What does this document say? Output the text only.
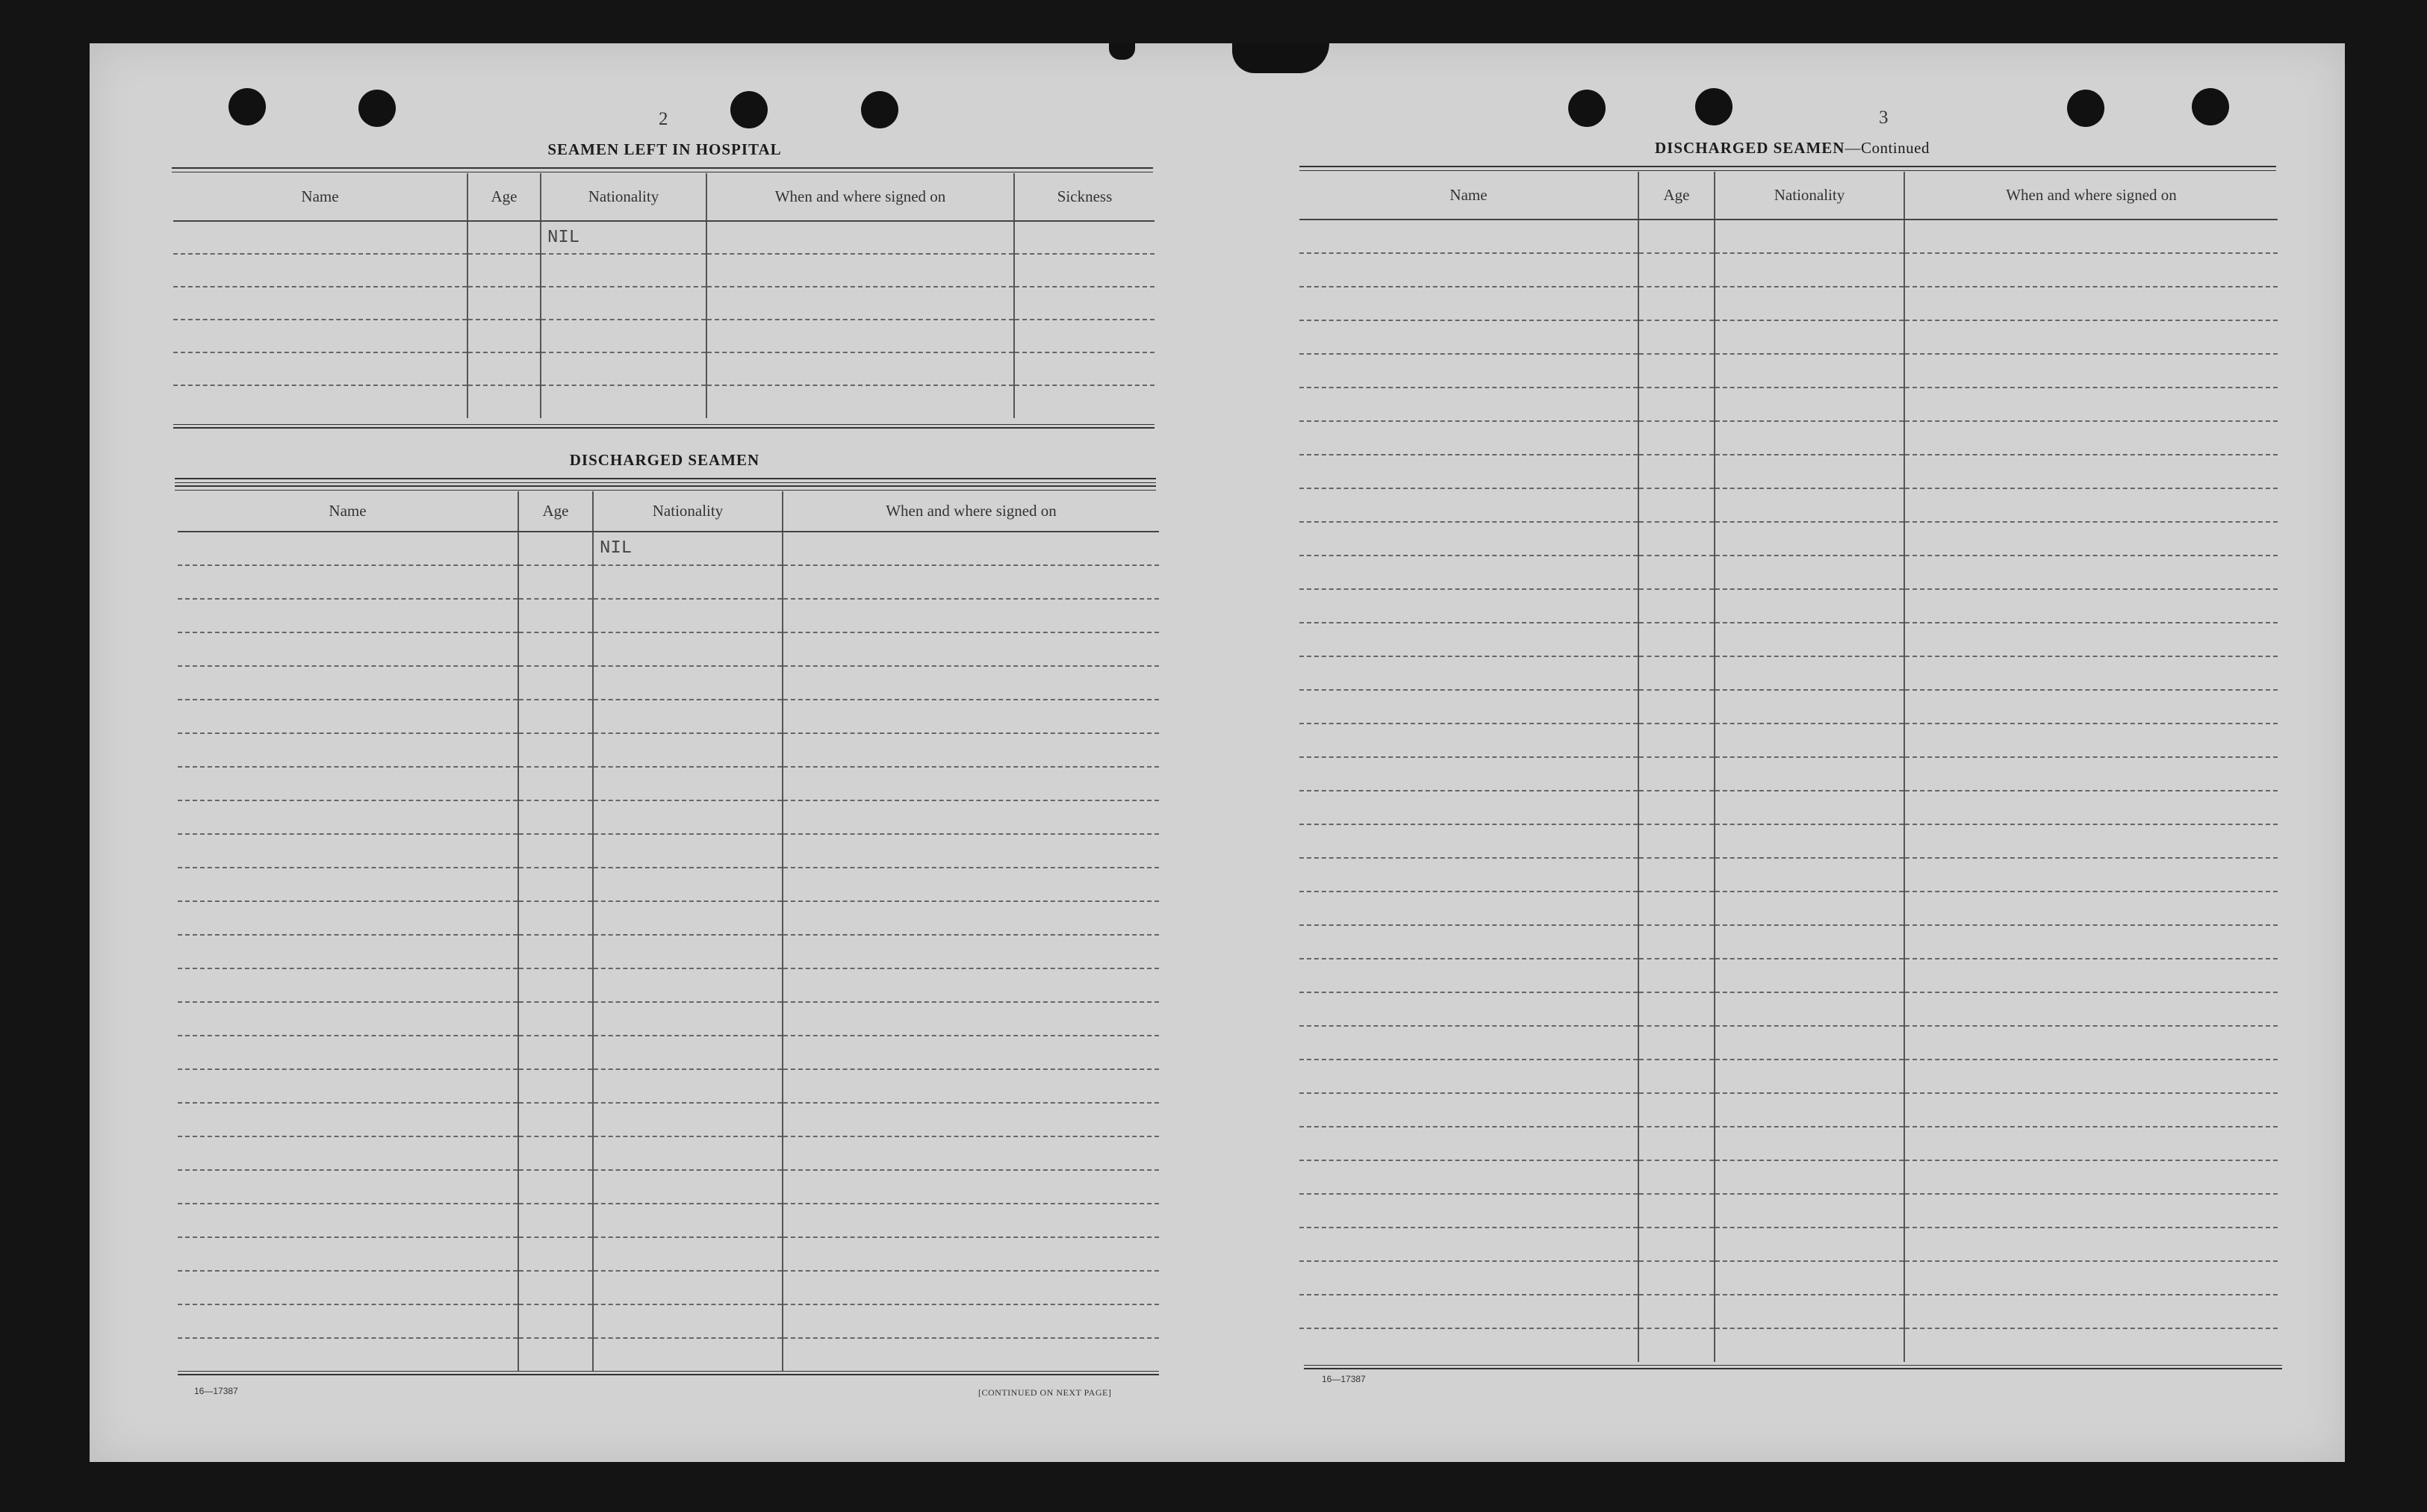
2
SEAMEN LEFT IN HOSPITAL
Name	Age	Nationality	When and where signed on	Sickness
		NIL		

DISCHARGED SEAMEN
Name	Age	Nationality	When and where signed on
		NIL	

16—17387	[CONTINUED ON NEXT PAGE]
3
DISCHARGED SEAMEN—Continued
Name	Age	Nationality	When and where signed on

16—17387
